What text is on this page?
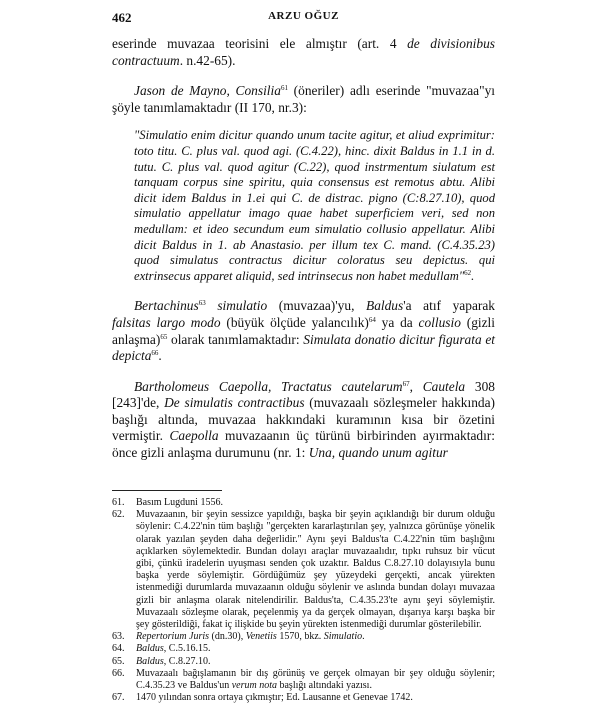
462	ARZU OĞUZ

eserinde muvazaa teorisini ele almıştır (art. 4 de divisionibus contractuum. n.42-65).

Jason de Mayno, Consilia$^{61}$ (öneriler) adlı eserinde "muvazaa"yı şöyle tanımlamaktadır (II 170, nr.3):

"Simulatio enim dicitur quando unum tacite agitur, et aliud exprimitur: toto titu. C. plus val. quod agi. (C.4.22), hinc. dixit Baldus in 1.1 in d. tutu. C. plus val. quod agitur (C.22), quod instrmentum siulatum est tanquam corpus sine spiritu, quia consensus est remotus abtu. Alibi dicit idem Baldus in 1.ei qui C. de distrac. pigno (C:8.27.10), quod simulatio appellatur imago quae habet superficiem veri, sed non medullam: et ideo secundum eum simulatio collusio appellatur. Alibi dicit Baldus in 1. ab Anastasio. per illum tex C. mand. (C.4.35.23) quod simulatus contractus dicitur coloratus seu depictus. qui extrinsecus apparet aliquid, sed intrinsecus non habet medullam"$^{62}$.

Bertachinus$^{63}$ simulatio (muvazaa)'yu, Baldus'a atıf yaparak falsitas largo modo (büyük ölçüde yalancılık)$^{64}$ ya da collusio (gizli anlaşma)$^{65}$ olarak tanımlamaktadır: Simulata donatio dicitur figurata et depicta$^{66}$.

Bartholomeus Caepolla, Tractatus cautelarum$^{67}$, Cautela 308 [243]'de, De simulatis contractibus (muvazaalı sözleşmeler hakkında) başlığı altında, muvazaa hakkındaki kuramının kısa bir özetini vermiştir. Caepolla muvazaanın üç türünü birbirinden ayırmaktadır: önce gizli anlaşma durumunu (nr. 1: Una, quando unum agitur

61.	Basım Lugduni 1556.
62.	Muvazaanın, bir şeyin sessizce yapıldığı, başka bir şeyin açıklandığı bir durum olduğu söylenir: C.4.22'nin tüm başlığı "gerçekten kararlaştırılan şey, yalnızca görünüşe yönelik olarak yazılan şeyden daha değerlidir." Aynı şeyi Baldus'ta C.4.22'nin tüm başlığını açıklarken söylemektedir. Bundan dolayı araçlar muvazaalıdır, tıpkı ruhsuz bir vücut gibi, çünkü iradelerin uyuşması senden çok uzaktır. Baldus C.8.27.10 dolayısıyla bunu başka yerde söylemiştir. Gördüğümüz şey yüzeydeki gerçekti, ancak yürekten istenmediği durumlarda muvazaanın olduğu söylenir ve aslında bundan dolayı muvazaa gizli bir anlaşma olarak nitelendirilir. Baldus'ta, C.4.35.23'te aynı şeyi söylemiştir. Muvazaalı sözleşme olarak, peçelenmiş ya da gerçek olmayan, dışarıya karşı başka bir şey gösterildiği, fakat iç ilişkide bu şeyin yürekten istenmediği durumlar gösterilebilir.
63.	Repertorium Juris (dn.30), Venetiis 1570, bkz. Simulatio.
64.	Baldus, C.5.16.15.
65.	Baldus, C.8.27.10.
66.	Muvazaalı bağışlamanın bir dış görünüş ve gerçek olmayan bir şey olduğu söylenir; C.4.35.23 ve Baldus'un verum nota başlığı altındaki yazısı.
67.	1470 yılından sonra ortaya çıkmıştır; Ed. Lausanne et Genevae 1742.
